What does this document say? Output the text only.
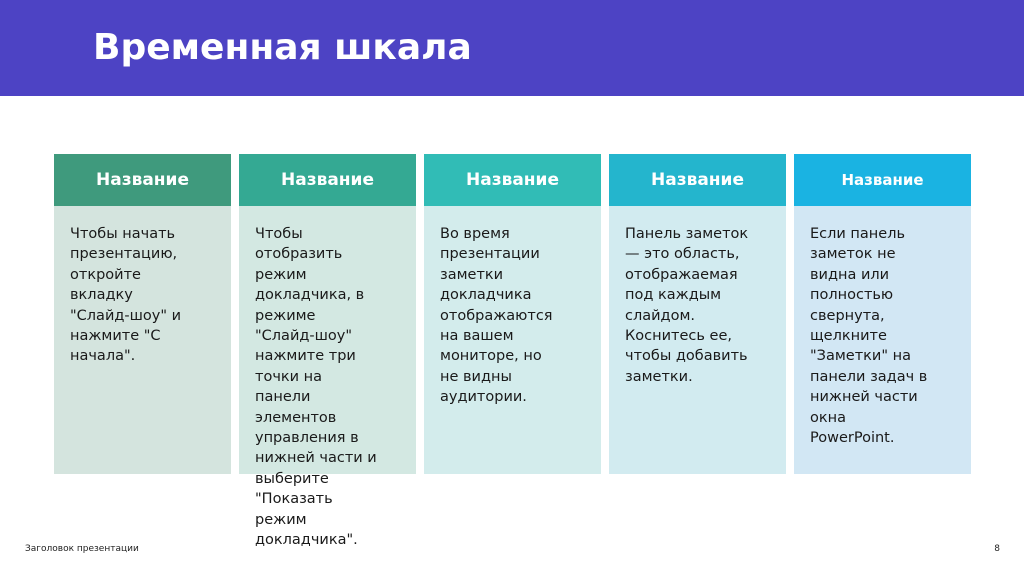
Временная шкала
Название

Чтобы начать
презентацию,
откройте
вкладку
"Слайд-шоу" и
нажмите "С
начала".

Название

Чтобы
отобразить
режим
докладчика, в
режиме
"Слайд-шоу"
нажмите три
точки на
панели
элементов
управления в
нижней части и
выберите
"Показать
режим
докладчика".

Название

Во время
презентации
заметки
докладчика
отображаются
на вашем
мониторе, но
не видны
аудитории.

Название

Панель заметок
— это область,
отображаемая
под каждым
слайдом.
Коснитесь ее,
чтобы добавить
заметки.

Название

Если панель
заметок не
видна или
полностью
свернута,
щелкните
"Заметки" на
панели задач в
нижней части
окна
PowerPoint.

Заголовок презентации	8
